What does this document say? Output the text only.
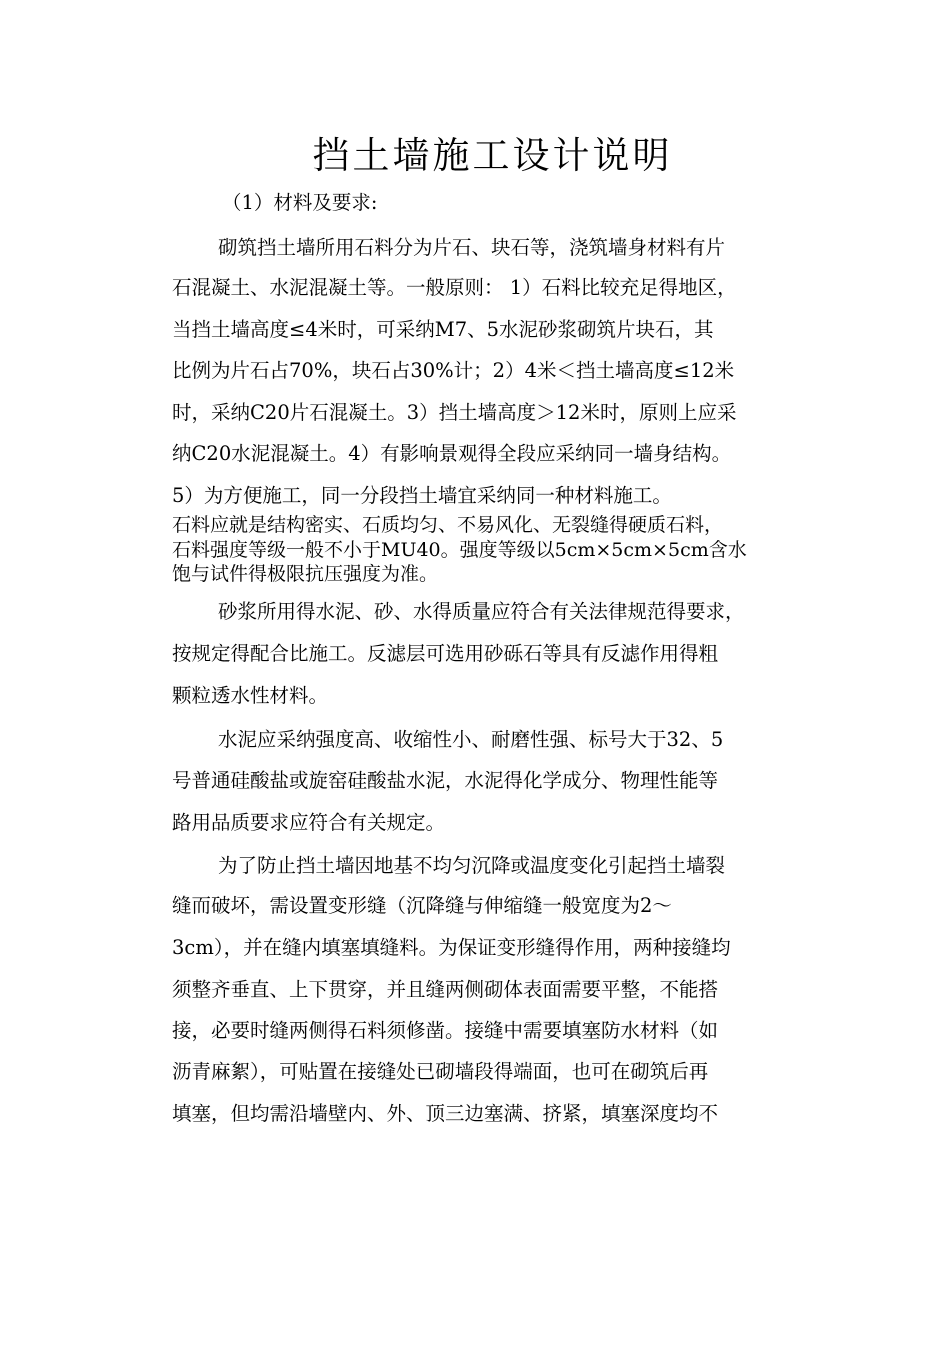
挡土墙施工设计说明
（1）材料及要求:
砌筑挡土墙所用石料分为片石、块石等，浇筑墙身材料有片
石混凝土、水泥混凝土等。一般原则： 1）石料比较充足得地区，
当挡土墙高度≤4米时，可采纳M7、5水泥砂浆砌筑片块石，其
比例为片石占70%，块石占30%计；2）4米＜挡土墙高度≤12米
时，采纳C20片石混凝土。3）挡土墙高度＞12米时，原则上应采
纳C20水泥混凝土。4）有影响景观得全段应采纳同一墙身结构。
5）为方便施工，同一分段挡土墙宜采纳同一种材料施工。
石料应就是结构密实、石质均匀、不易风化、无裂缝得硬质石料，
石料强度等级一般不小于MU40。强度等级以5cm×5cm×5cm含水
饱与试件得极限抗压强度为准。
砂浆所用得水泥、砂、水得质量应符合有关法律规范得要求，
按规定得配合比施工。反滤层可选用砂砾石等具有反滤作用得粗
颗粒透水性材料。
水泥应采纳强度高、收缩性小、耐磨性强、标号大于32、5
号普通硅酸盐或旋窑硅酸盐水泥，水泥得化学成分、物理性能等
路用品质要求应符合有关规定。
为了防止挡土墙因地基不均匀沉降或温度变化引起挡土墙裂
缝而破坏，需设置变形缝（沉降缝与伸缩缝一般宽度为2～
3cm），并在缝内填塞填缝料。为保证变形缝得作用，两种接缝均
须整齐垂直、上下贯穿，并且缝两侧砌体表面需要平整，不能搭
接，必要时缝两侧得石料须修凿。接缝中需要填塞防水材料（如
沥青麻絮），可贴置在接缝处已砌墙段得端面，也可在砌筑后再
填塞，但均需沿墙壁内、外、顶三边塞满、挤紧，填塞深度均不
